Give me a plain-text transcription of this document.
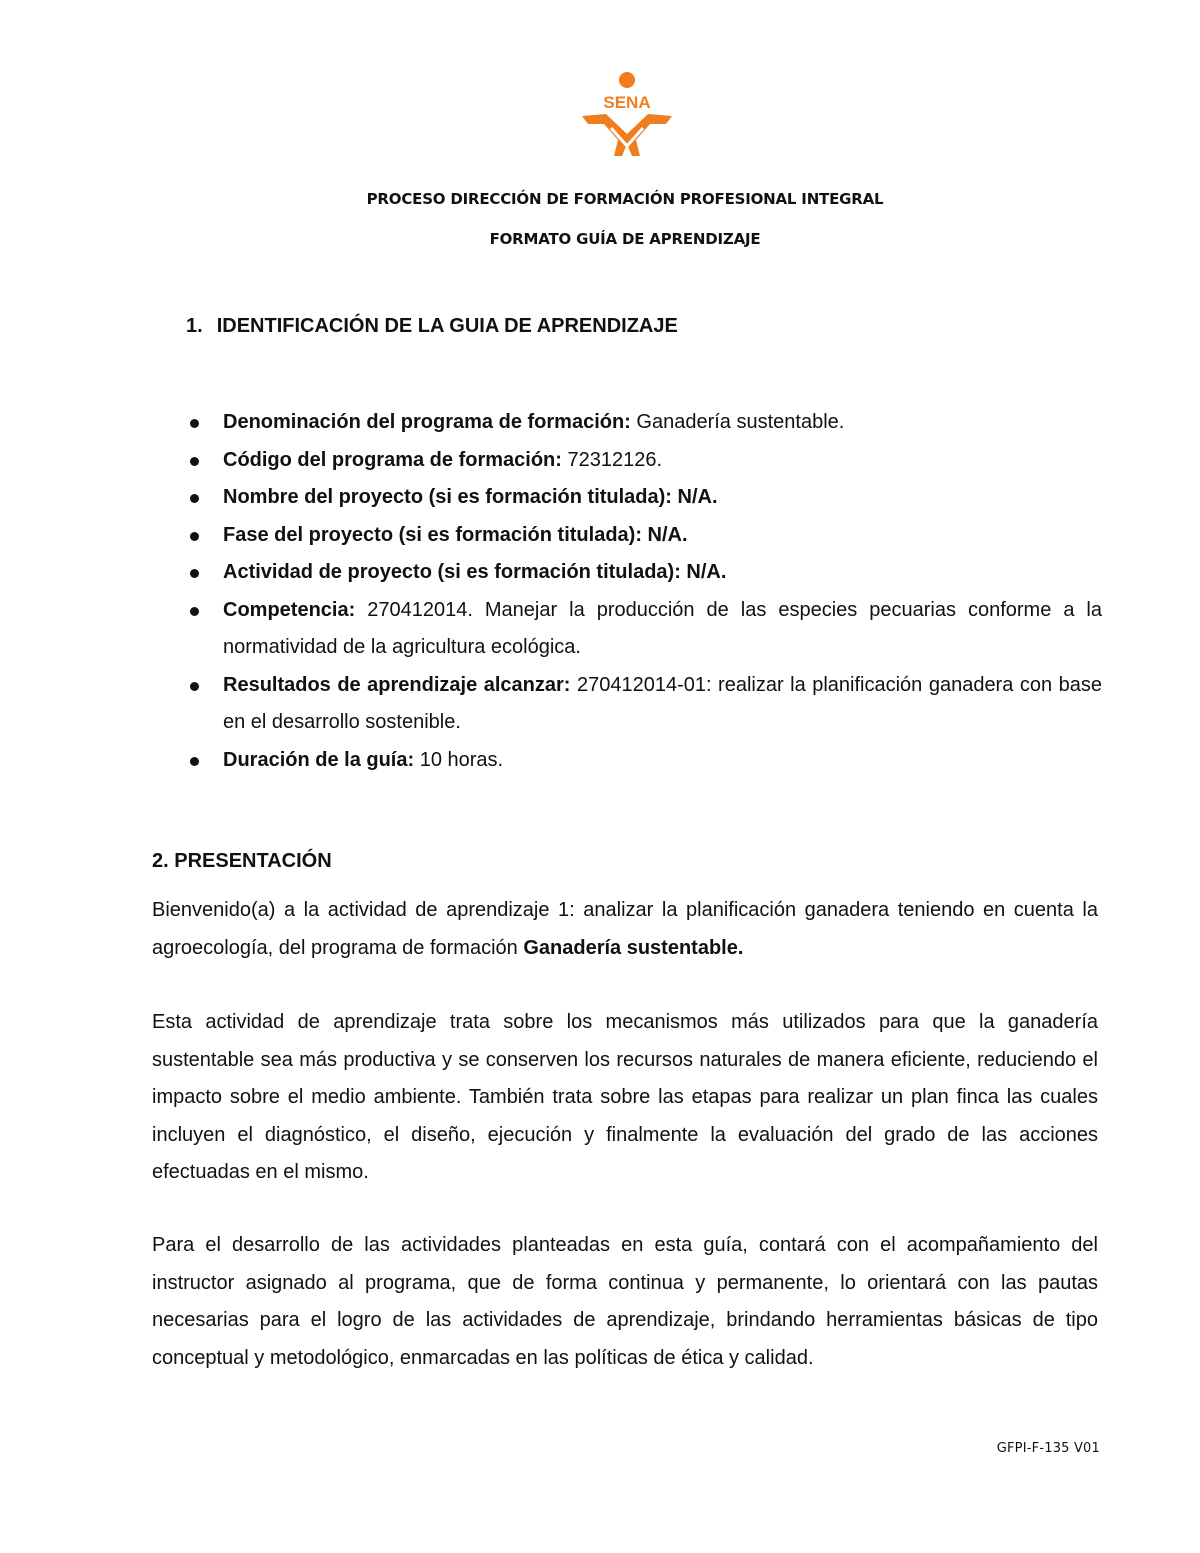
SENA
PROCESO DIRECCIÓN DE FORMACIÓN PROFESIONAL INTEGRAL
FORMATO GUÍA DE APRENDIZAJE
1. IDENTIFICACIÓN DE LA GUIA DE APRENDIZAJE
Denominación del programa de formación: Ganadería sustentable.
Código del programa de formación: 72312126.
Nombre del proyecto (si es formación titulada): N/A.
Fase del proyecto (si es formación titulada): N/A.
Actividad de proyecto (si es formación titulada): N/A.
Competencia: 270412014. Manejar la producción de las especies pecuarias conforme a la normatividad de la agricultura ecológica.
Resultados de aprendizaje alcanzar: 270412014-01: realizar la planificación ganadera con base en el desarrollo sostenible.
Duración de la guía: 10 horas.
2. PRESENTACIÓN

Bienvenido(a) a la actividad de aprendizaje 1: analizar la planificación ganadera teniendo en cuenta la agroecología, del programa de formación Ganadería sustentable.

Esta actividad de aprendizaje trata sobre los mecanismos más utilizados para que la ganadería sustentable sea más productiva y se conserven los recursos naturales de manera eficiente, reduciendo el impacto sobre el medio ambiente. También trata sobre las etapas para realizar un plan finca las cuales incluyen el diagnóstico, el diseño, ejecución y finalmente la evaluación del grado de las acciones efectuadas en el mismo.

Para el desarrollo de las actividades planteadas en esta guía, contará con el acompañamiento del instructor asignado al programa, que de forma continua y permanente, lo orientará con las pautas necesarias para el logro de las actividades de aprendizaje, brindando herramientas básicas de tipo conceptual y metodológico, enmarcadas en las políticas de ética y calidad.

GFPI-F-135 V01
